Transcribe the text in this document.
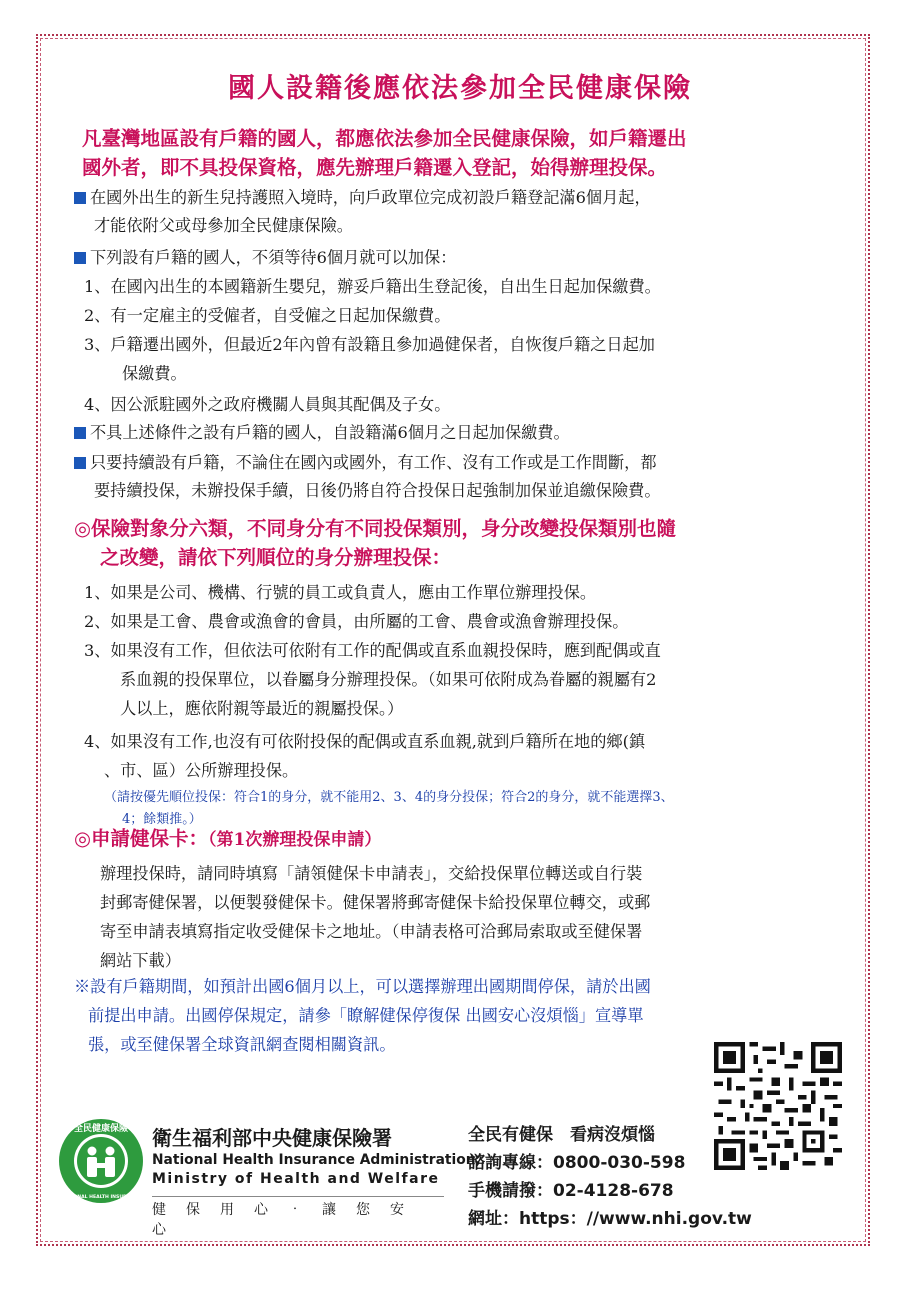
國人設籍後應依法參加全民健康保險
凡臺灣地區設有戶籍的國人，都應依法參加全民健康保險，如戶籍遷出
國外者，即不具投保資格，應先辦理戶籍遷入登記，始得辦理投保。
在國外出生的新生兒持護照入境時，向戶政單位完成初設戶籍登記滿6個月起，
才能依附父或母參加全民健康保險。
下列設有戶籍的國人，不須等待6個月就可以加保：
1、在國內出生的本國籍新生嬰兒，辦妥戶籍出生登記後，自出生日起加保繳費。
2、有一定雇主的受僱者，自受僱之日起加保繳費。
3、戶籍遷出國外，但最近2年內曾有設籍且參加過健保者，自恢復戶籍之日起加
保繳費。
4、因公派駐國外之政府機關人員與其配偶及子女。
不具上述條件之設有戶籍的國人，自設籍滿6個月之日起加保繳費。
只要持續設有戶籍，不論住在國內或國外，有工作、沒有工作或是工作間斷，都
要持續投保，未辦投保手續，日後仍將自符合投保日起強制加保並追繳保險費。
◎保險對象分六類，不同身分有不同投保類別，身分改變投保類別也隨
之改變，請依下列順位的身分辦理投保：
1、如果是公司、機構、行號的員工或負責人，應由工作單位辦理投保。
2、如果是工會、農會或漁會的會員，由所屬的工會、農會或漁會辦理投保。
3、如果沒有工作，但依法可依附有工作的配偶或直系血親投保時，應到配偶或直
系血親的投保單位，以眷屬身分辦理投保。（如果可依附成為眷屬的親屬有2
人以上，應依附親等最近的親屬投保。）
4、如果沒有工作,也沒有可依附投保的配偶或直系血親,就到戶籍所在地的鄉(鎮
、市、區）公所辦理投保。
（請按優先順位投保：符合1的身分，就不能用2、3、4的身分投保；符合2的身分，就不能選擇3、
4；餘類推。）
◎申請健保卡：（第1次辦理投保申請）
辦理投保時，請同時填寫「請領健保卡申請表」，交給投保單位轉送或自行裝
封郵寄健保署，以便製發健保卡。健保署將郵寄健保卡給投保單位轉交，或郵
寄至申請表填寫指定收受健保卡之地址。（申請表格可洽郵局索取或至健保署
網站下載）
※設有戶籍期間，如預計出國6個月以上，可以選擇辦理出國期間停保，請於出國
前提出申請。出國停保規定，請參「瞭解健保停復保 出國安心沒煩惱」宣導單
張，或至健保署全球資訊網查閱相關資訊。
全民健康保險
NATIONAL HEALTH INSURANCE
衛生福利部中央健康保險署
National Health Insurance Administration,
Ministry of Health and Welfare
健保用心‧讓您安心
全民有健保　看病沒煩惱
諮詢專線：0800-030-598
手機請撥：02-4128-678
網址：https：//www.nhi.gov.tw
